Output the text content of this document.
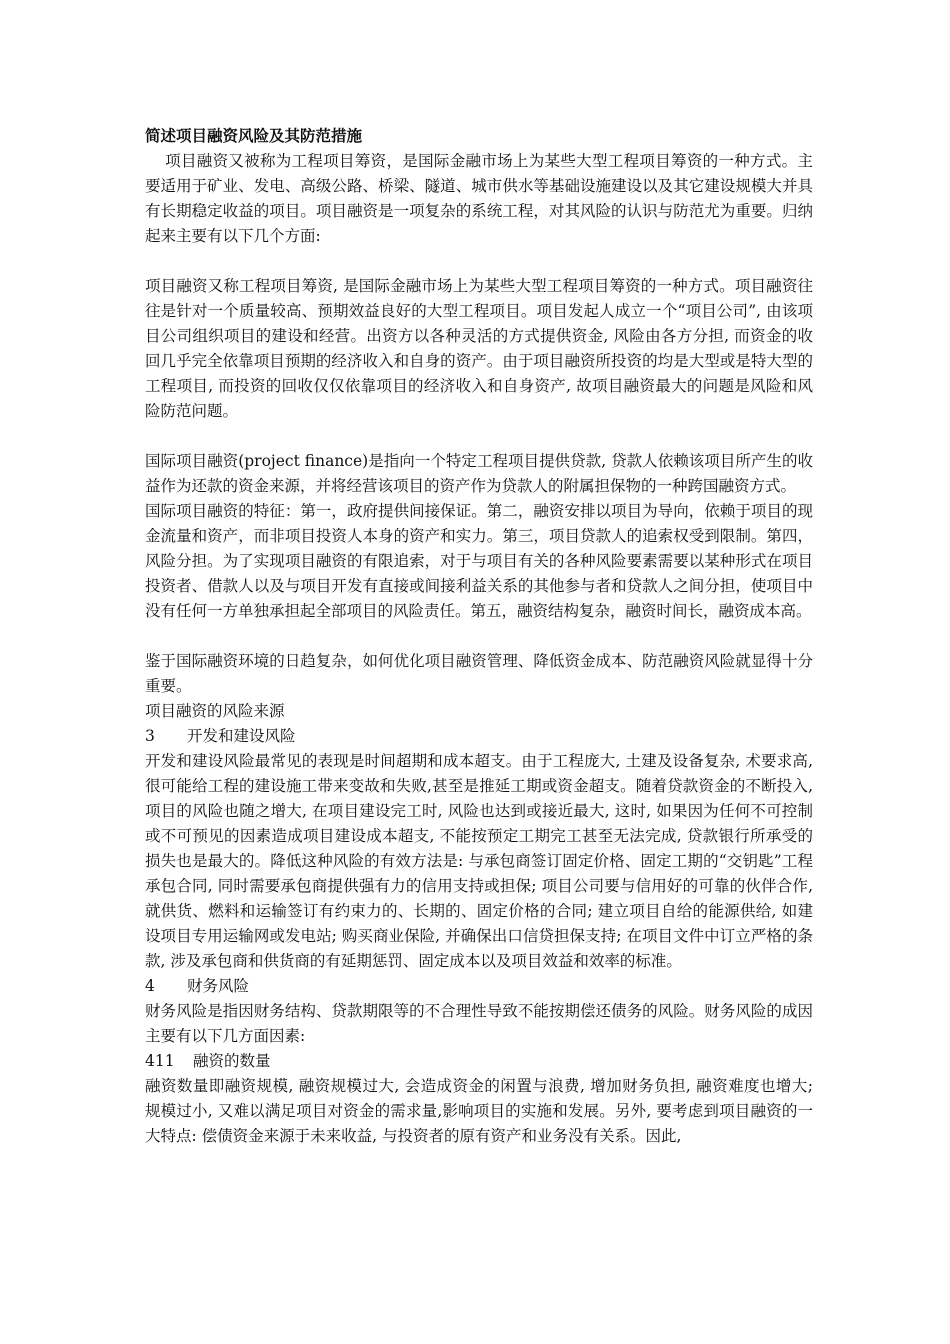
简述项目融资风险及其防范措施

项目融资又被称为工程项目筹资，是国际金融市场上为某些大型工程项目筹资的一种方式。主要适用于矿业、发电、高级公路、桥梁、隧道、城市供水等基础设施建设以及其它建设规模大并具有长期稳定收益的项目。项目融资是一项复杂的系统工程，对其风险的认识与防范尤为重要。归纳起来主要有以下几个方面:

项目融资又称工程项目筹资, 是国际金融市场上为某些大型工程项目筹资的一种方式。项目融资往往是针对一个质量较高、预期效益良好的大型工程项目。项目发起人成立一个“项目公司”, 由该项目公司组织项目的建设和经营。出资方以各种灵活的方式提供资金, 风险由各方分担, 而资金的收回几乎完全依靠项目预期的经济收入和自身的资产。由于项目融资所投资的均是大型或是特大型的工程项目, 而投资的回收仅仅依靠项目的经济收入和自身资产, 故项目融资最大的问题是风险和风险防范问题。

国际项目融资(project finance)是指向一个特定工程项目提供贷款, 贷款人依赖该项目所产生的收益作为还款的资金来源，并将经营该项目的资产作为贷款人的附属担保物的一种跨国融资方式。

国际项目融资的特征：第一，政府提供间接保证。第二，融资安排以项目为导向，依赖于项目的现金流量和资产，而非项目投资人本身的资产和实力。第三，项目贷款人的追索权受到限制。第四，风险分担。为了实现项目融资的有限追索，对于与项目有关的各种风险要素需要以某种形式在项目投资者、借款人以及与项目开发有直接或间接利益关系的其他参与者和贷款人之间分担，使项目中没有任何一方单独承担起全部项目的风险责任。第五，融资结构复杂，融资时间长，融资成本高。

鉴于国际融资环境的日趋复杂，如何优化项目融资管理、降低资金成本、防范融资风险就显得十分重要。

项目融资的风险来源

3 开发和建设风险

开发和建设风险最常见的表现是时间超期和成本超支。由于工程庞大, 土建及设备复杂, 术要求高, 很可能给工程的建设施工带来变故和失败,甚至是推延工期或资金超支。随着贷款资金的不断投入, 项目的风险也随之增大, 在项目建设完工时, 风险也达到或接近最大, 这时, 如果因为任何不可控制或不可预见的因素造成项目建设成本超支, 不能按预定工期完工甚至无法完成, 贷款银行所承受的损失也是最大的。降低这种风险的有效方法是: 与承包商签订固定价格、固定工期的“交钥匙”工程承包合同, 同时需要承包商提供强有力的信用支持或担保; 项目公司要与信用好的可靠的伙伴合作, 就供货、燃料和运输签订有约束力的、长期的、固定价格的合同; 建立项目自给的能源供给, 如建设项目专用运输网或发电站; 购买商业保险, 并确保出口信贷担保支持; 在项目文件中订立严格的条款, 涉及承包商和供货商的有延期惩罚、固定成本以及项目效益和效率的标准。

4 财务风险

财务风险是指因财务结构、贷款期限等的不合理性导致不能按期偿还债务的风险。财务风险的成因主要有以下几方面因素:

411 融资的数量

融资数量即融资规模, 融资规模过大, 会造成资金的闲置与浪费, 增加财务负担, 融资难度也增大; 规模过小, 又难以满足项目对资金的需求量,影响项目的实施和发展。另外, 要考虑到项目融资的一大特点: 偿债资金来源于未来收益, 与投资者的原有资产和业务没有关系。因此,
